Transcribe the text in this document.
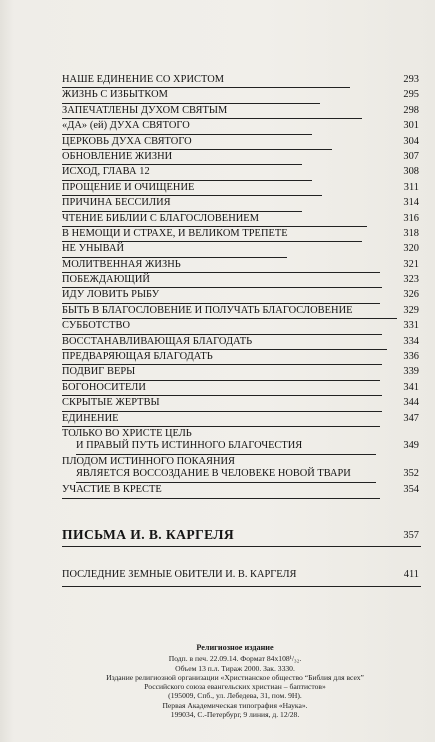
НАШЕ ЕДИНЕНИЕ СО ХРИСТОМ	293
ЖИЗНЬ С ИЗБЫТКОМ	295
ЗАПЕЧАТЛЕНЫ ДУХОМ СВЯТЫМ	298
«ДА» (ей) ДУХА СВЯТОГО	301
ЦЕРКОВЬ ДУХА СВЯТОГО	304
ОБНОВЛЕНИЕ ЖИЗНИ	307
ИСХОД, ГЛАВА 12	308
ПРОЩЕНИЕ И ОЧИЩЕНИЕ	311
ПРИЧИНА БЕССИЛИЯ	314
ЧТЕНИЕ БИБЛИИ С БЛАГОСЛОВЕНИЕМ	316
В НЕМОЩИ И СТРАХЕ, И ВЕЛИКОМ ТРЕПЕТЕ	318
НЕ УНЫВАЙ	320
МОЛИТВЕННАЯ ЖИЗНЬ	321
ПОБЕЖДАЮЩИЙ	323
ИДУ ЛОВИТЬ РЫБУ	326
БЫТЬ В БЛАГОСЛОВЕНИЕ И ПОЛУЧАТЬ БЛАГОСЛОВЕНИЕ	329
СУББОТСТВО	331
ВОССТАНАВЛИВАЮЩАЯ БЛАГОДАТЬ	334
ПРЕДВАРЯЮЩАЯ БЛАГОДАТЬ	336
ПОДВИГ ВЕРЫ	339
БОГОНОСИТЕЛИ	341
СКРЫТЫЕ ЖЕРТВЫ	344
ЕДИНЕНИЕ	347
ТОЛЬКО ВО ХРИСТЕ ЦЕЛЬ
И ПРАВЫЙ ПУТЬ ИСТИННОГО БЛАГОЧЕСТИЯ	349
ПЛОДОМ ИСТИННОГО ПОКАЯНИЯ
ЯВЛЯЕТСЯ ВОССОЗДАНИЕ В ЧЕЛОВЕКЕ НОВОЙ ТВАРИ	352
УЧАСТИЕ В КРЕСТЕ	354
ПИСЬМА И. В. КАРГЕЛЯ	357
ПОСЛЕДНИЕ ЗЕМНЫЕ ОБИТЕЛИ И. В. КАРГЕЛЯ	411
Религиозное издание
Подп. в печ. 22.09.14. Формат 84x108¹/₃₂.
Объем 13 п.л. Тираж 2000. Зак. 3330.
Издание религиозной организации «Христианское общество “Библия для всех”
Российского союза евангельских христиан – баптистов»
(195009, Спб., ул. Лебедева, 31, пом. 9Н).
Первая Академическая типография «Наука».
199034, С.-Петербург, 9 линия, д. 12/28.
